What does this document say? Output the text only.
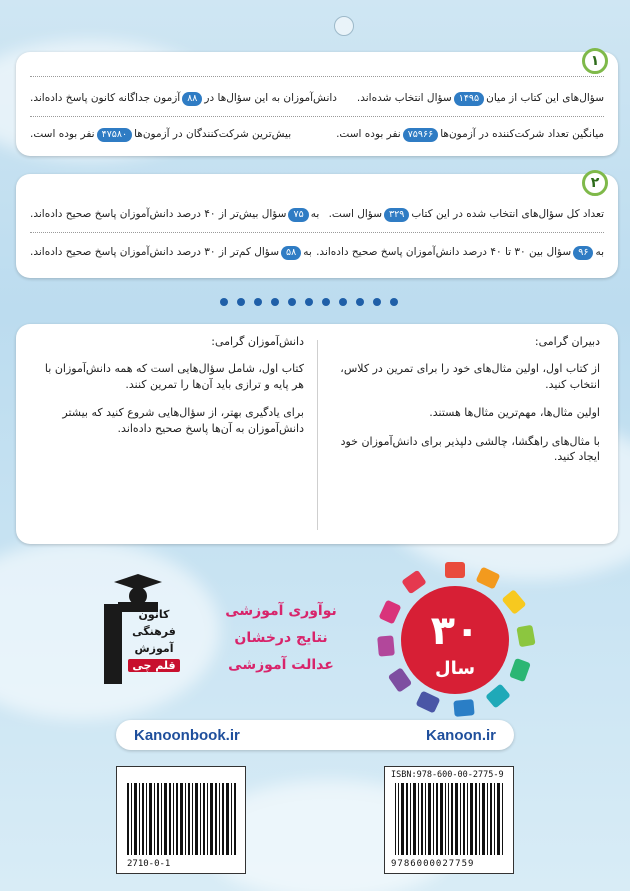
۱
سؤال‌های این کتاب از میان۱۴۹۵سؤال انتخاب شده‌اند.
دانش‌آموزان به این سؤال‌ها در۸۸آزمون جداگانه کانون پاسخ داده‌اند.
میانگین تعداد شرکت‌کننده در آزمون‌ها۷۵۹۶۶نفر بوده است.
بیش‌ترین شرکت‌کنندگان در آزمون‌ها۴۷۵۸۰نفر بوده است.
۲
تعداد کل سؤال‌های انتخاب شده در این کتاب۳۲۹سؤال است.
به۷۵سؤال بیش‌تر از ۴۰ درصد دانش‌آموزان پاسخ صحیح داده‌اند.
به۹۶سؤال بین ۳۰ تا ۴۰ درصد دانش‌آموزان پاسخ صحیح داده‌اند.
به۵۸سؤال کم‌تر از ۳۰ درصد دانش‌آموزان پاسخ صحیح داده‌اند.
دبیران گرامی:

از کتاب اول، اولین مثال‌های خود را برای تمرین در کلاس، انتخاب کنید.

اولین مثال‌ها، مهم‌ترین مثال‌ها هستند.

با مثال‌های راهگشا، چالشی دلپذیر برای دانش‌آموزان خود ایجاد کنید.

دانش‌آموزان گرامی:

کتاب اول، شامل سؤال‌هایی است که همه دانش‌آموزان با هر پایه و ترازی باید آن‌ها را تمرین کنند.

برای یادگیری بهتر، از سؤال‌هایی شروع کنید که بیشتر دانش‌آموزان به آن‌ها پاسخ صحیح داده‌اند.

۳۰
سال
نوآوری آموزشی
نتایج درخشان
عدالت آموزشی
کانون
فرهنگی
آموزش
قلم چی
Kanoonbook.ir	Kanoon.ir
2710-0-1
ISBN:978-600-00-2775-9
9786000027759
